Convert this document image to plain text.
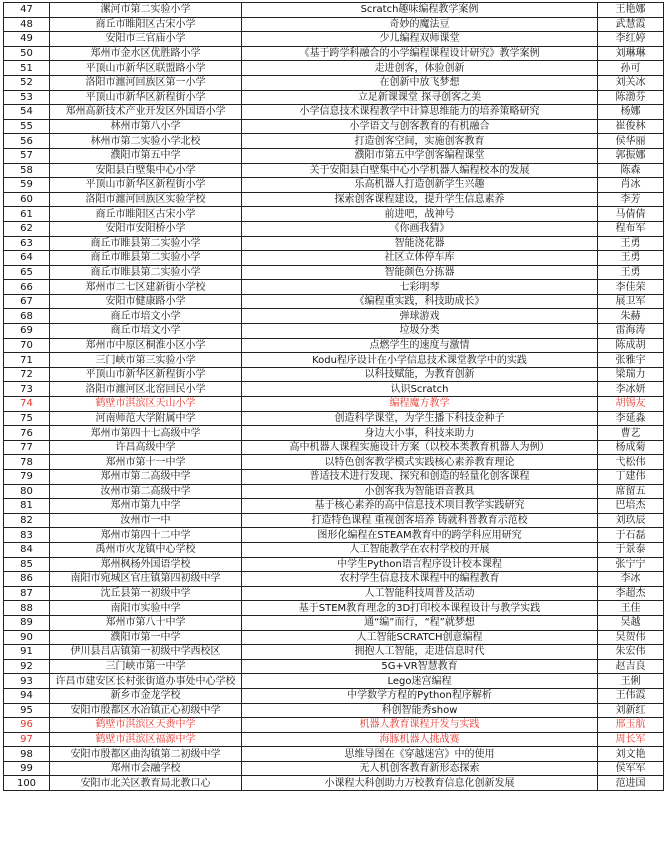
47	漯河市第二实验小学	Scratch趣味编程教学案例	王艳娜
48	商丘市睢阳区古宋小学	奇妙的魔法豆	武慧霞
49	安阳市三官庙小学	少儿编程双师课堂	李红婷
50	郑州市金水区优胜路小学	《基于跨学科融合的小学编程课程设计研究》教学案例	刘琳琳
51	平顶山市新华区联盟路小学	走进创客，体验创新	孙可
52	洛阳市瀍河回族区第一小学	在创新中放飞梦想	刘关冰
53	平顶山市新华区新程街小学	立足新课课堂 探寻创客之美	陈渤芬
54	郑州高新技术产业开发区外国语小学	小学信息技术课程教学中计算思维能力的培养策略研究	杨娜
55	林州市第八小学	小学语文与创客教育的有机融合	崔俊林
56	林州市第二实验小学北校	打造创客空间，实施创客教育	侯华丽
57	濮阳市第五中学	濮阳市第五中学创客编程课堂	郭振娜
58	安阳县白壁集中心小学	关于安阳县白壁集中心小学机器人编程校本的发展	陈森
59	平顶山市新华区新程街小学	乐高机器人打造创新学生兴趣	肖冰
60	洛阳市瀍河回族区实验学校	探索创客课程建设，提升学生信息素养	李芳
61	商丘市睢阳区古宋小学	前进吧，战神号	马倩倩
62	安阳市安阳桥小学	《你画我猜》	程布军
63	商丘市睢县第二实验小学	智能浇花器	王勇
64	商丘市睢县第二实验小学	社区立体停车库	王勇
65	商丘市睢县第二实验小学	智能颜色分拣器	王勇
66	郑州市二七区建新街小学校	七彩明琴	李佳荣
67	安阳市健康路小学	《编程重实践，科技助成长》	展卫军
68	商丘市培文小学	弹球游戏	朱赫
69	商丘市培文小学	垃圾分类	雷海涛
70	郑州市中原区桐淮小区小学	点燃学生的速度与激情	陈成胡
71	三门峡市第三实验小学	Kodu程序设计在小学信息技术课堂教学中的实践	张雅宇
72	平顶山市新华区新程街小学	以科技赋能，为教育创新	梁瑞力
73	洛阳市瀍河区北窑回民小学	认识Scratch	李冰妍
74	鹤壁市淇滨区天山小学	编程魔方教学	胡锡友
75	河南师范大学附属中学	创造科学课堂，为学生播下科技金种子	李延淼
76	郑州市第四十七高级中学	身边大小事，科技来助力	曹艺
77	许昌高级中学	高中机器人课程实施设计方案（以校本类教育机器人为例）	杨成菊
78	郑州市第十一中学	以特色创客教学模式实践核心素养教育理论	弋松伟
79	郑州市第二高级中学	普适技术进行发现、探究和创造的轻量化创客课程	丁建伟
80	汝州市第二高级中学	小创客我为智能语音教具	席留五
81	郑州市第九中学	基于核心素养的高中信息技术项目教学实践研究	巴培杰
82	汝州市一中	打造特色课程 重视创客培养 铸就科普教育示范校	刘玖辰
83	郑州市第四十二中学	图形化编程在STEAM教育中的跨学科应用研究	于石磊
84	禹州市火龙镇中心学校	人工智能教学在农村学校的开展	于景泰
85	郑州枫杨外国语学校	中学生Python语言程序设计校本课程	张宁宁
86	南阳市宛城区官庄镇第四初级中学	农村学生信息技术课程中的编程教育	李冰
87	沈丘县第一初级中学	人工智能科技周普及活动	李超杰
88	南阳市实验中学	基于STEM教育理念的3D打印校本课程设计与教学实践	王佳
89	郑州市第八十中学	通“编”而行，“程”就梦想	吴越
90	濮阳市第一中学	人工智能SCRATCH创意编程	吴贺伟
91	伊川县吕店镇第一初级中学西校区	拥抱人工智能，走进信息时代	朱宏伟
92	三门峡市第一中学	5G+VR智慧教育	赵吉良
93	许昌市建安区长村张街道办事处中心学校	Lego迷宫编程	王俐
94	新乡市金龙学校	中学数学方程的Python程序解析	王伟霞
95	安阳市殷都区水冶镇正心初级中学	科创智能秀show	刘新红
96	鹤壁市淇滨区天赉中学	机器人教育课程开发与实践	邢玉航
97	鹤壁市淇滨区福源中学	海豚机器人挑战赛	周长军
98	安阳市殷都区曲沟镇第二初级中学	思维导图在《穿越迷宫》中的使用	刘文艳
99	郑州市会融学校	无人机创客教育新形态探索	侯军军
100	安阳市北关区教育局北教口心	小课程大科创助力万校教育信息化创新发展	范进国
